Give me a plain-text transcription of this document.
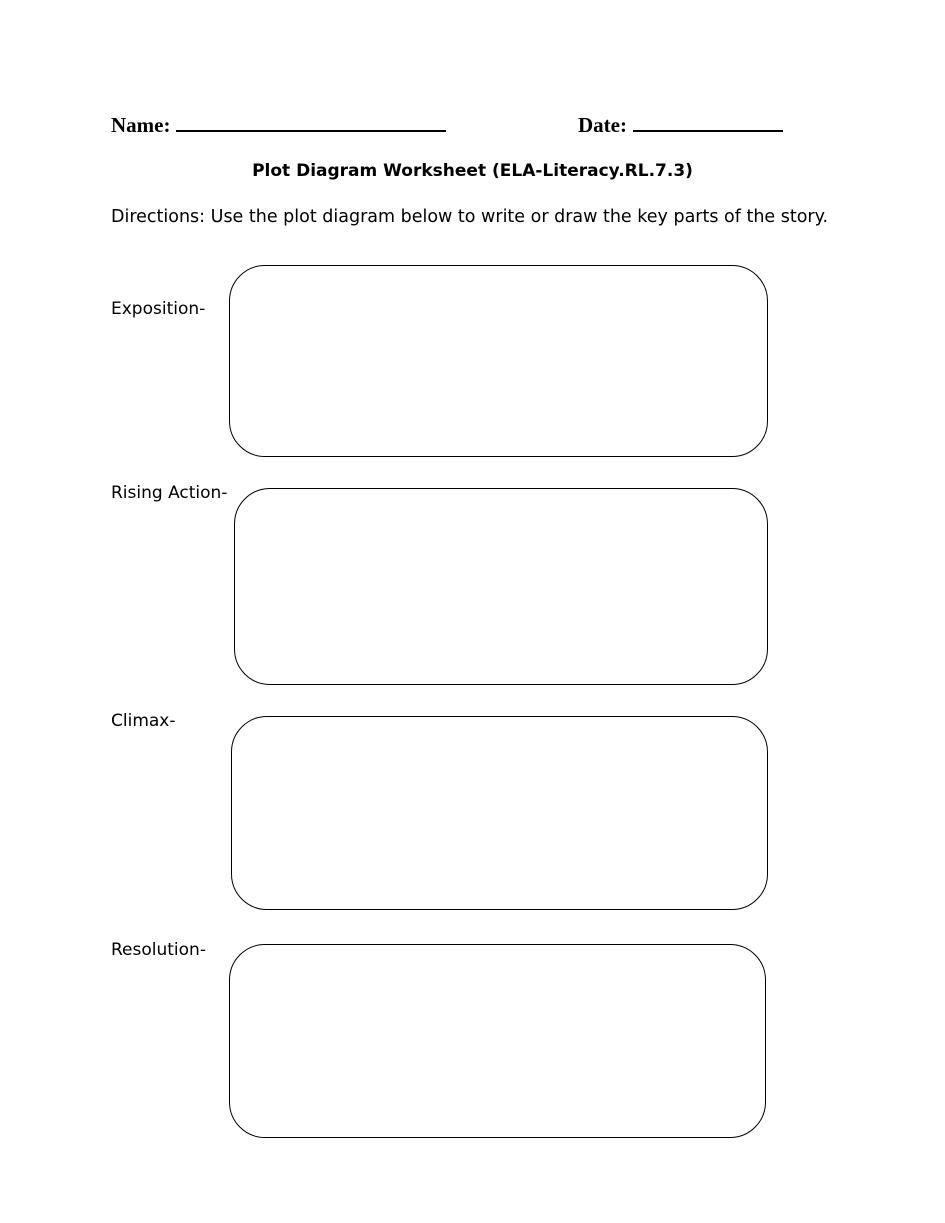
Name:	Date:
Plot Diagram Worksheet (ELA-Literacy.RL.7.3)
Directions: Use the plot diagram below to write or draw the key parts of the story.
Exposition-
Rising Action-
Climax-
Resolution-
